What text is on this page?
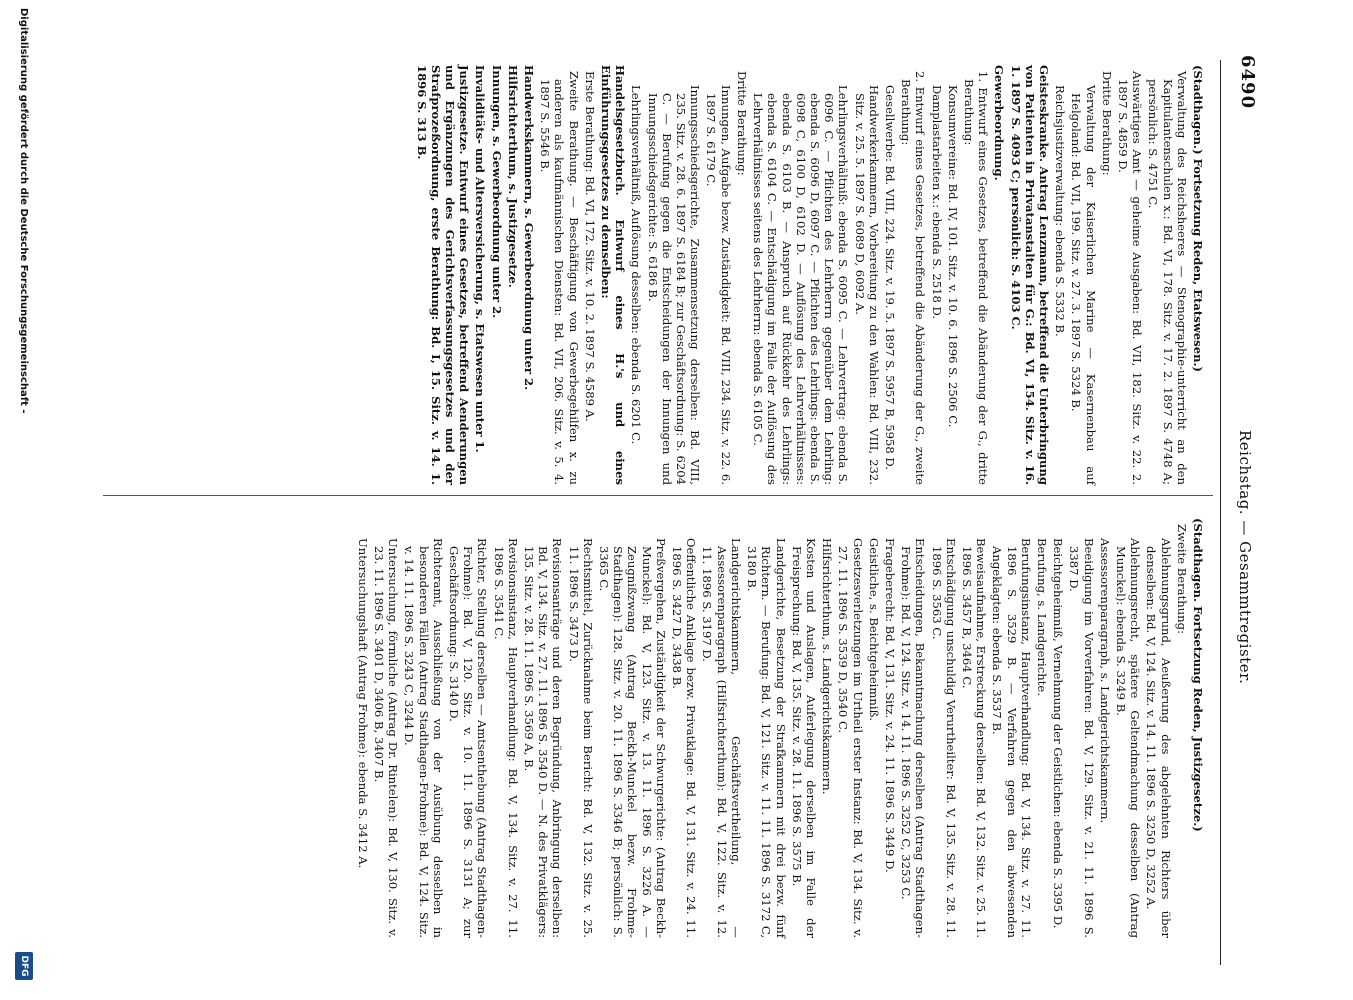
6490
Reichstag. — Gesammtregister.

(Stadthagen.) Fortsetzung Reden, Etatswesen.)

Verwaltung des Reichsheeres — Stenographie-unterricht an den Kapitulantenschulen x.: Bd. VI, 178. Sitz. v. 17. 2. 1897 S. 4748 A; persönlich: S. 4751 C.

Auswärtiges Amt — geheime Ausgaben: Bd. VII, 182. Sitz. v. 22. 2. 1897 S. 4859 D.

Dritte Berathung:

Verwaltung der Kaiserlichen Marine — Kasernenbau auf Helgoland: Bd. VII, 199. Sitz. v. 27. 3. 1897 S. 5324 B.

Reichsjustizverwaltung: ebenda S. 5332 B.

Geisteskranke. Antrag Lenzmann, betreffend die Unterbringung von Patienten in Privatanstalten für G.: Bd. VI, 154. Sitz. v. 16. 1. 1897 S. 4093 C; persönlich: S. 4103 C.

Gewerbeordnung.

1. Entwurf eines Gesetzes, betreffend die Abänderung der G., dritte Berathung:

Konsumvereine: Bd. IV, 101. Sitz. v. 10. 6. 1896 S. 2506 C.

Damplastarbeiten x.: ebenda S. 2518 D.

2. Entwurf eines Gesetzes, betreffend die Abänderung der G., zweite Berathung:

Gesellwerbe: Bd. VIII, 224. Sitz. v. 19. 5. 1897 S. 5957 B, 5958 D.

Handwerkerkammern, Vorbereitung zu den Wahlen: Bd. VIII, 232. Sitz. v. 25. 5. 1897 S. 6089 D, 6092 A.

Lehrlingsverhältniß: ebenda S. 6095 C. — Lehrvertrag: ebenda S. 6096 C. — Pflichten des Lehrherrn gegenüber dem Lehrling: ebenda S. 6096 D, 6097 C. — Pflichten des Lehrlings: ebenda S. 6098 C, 6100 D, 6102 D. — Auflösung des Lehrverhältnisses: ebenda S. 6103 B. — Anspruch auf Rückkehr des Lehrlings: ebenda S. 6104 C. — Entschädigung im Falle der Auflösung des Lehrverhältnisses seitens des Lehrherrn: ebenda S. 6105 C.

Dritte Berathung:

Innungen, Aufgabe bezw. Zuständigkeit: Bd. VIII, 234. Sitz. v. 22. 6. 1897 S. 6179 C.

Innungsschiedsgerichte, Zusammensetzung derselben: Bd. VIII, 235. Sitz. v. 28. 6. 1897 S. 6184 B; zur Geschäftsordnung: S. 6204 C. — Berufung gegen die Entscheidungen der Innungen und Innungsschiedsgerichte: S. 6186 B.

Lehrlingsverhältniß, Auflösung desselben: ebenda S. 6201 C.

Handelsgesetzbuch. Entwurf eines H.'s und eines Einführungsgesetzes zu demselben:

Erste Berathung: Bd. VI, 172. Sitz. v. 10. 2. 1897 S. 4589 A.

Zweite Berathung. — Beschäftigung von Gewerbegehilfen x. zu anderen als kaufmännischen Diensten: Bd. VII, 206. Sitz. v. 5. 4. 1897 S. 5546 B.

Handwerkskammern, s. Gewerbeordnung unter 2.

Hilfsrichterthum, s. Justizgesetze.

Innungen, s. Gewerbeordnung unter 2.

Invaliditäts- und Altersversicherung, s. Etatswesen unter 1.

Justizgesetze. Entwurf eines Gesetzes, betreffend Aenderungen und Ergänzungen des Gerichtsverfassungsgesetzes und der Strafprozeßordnung, erste Berathung: Bd. I, 15. Sitz. v. 14. 1. 1896 S. 313 B.

(Stadthagen. Fortsetzung Reden, Justizgesetze.)

Zweite Berathung:

Ablehnungsgrund, Aeußerung des abgelehnten Richters über denselben: Bd. V, 124. Sitz. v. 14. 11. 1896 S. 3250 D, 3252 A.

Ablehnungsrecht, spätere Geltendmachung desselben (Antrag Munckel): ebenda S. 3249 B.

Assessorenparagraph, s. Landgerichtskammern.

Beeidigung im Vorverfahren: Bd. V, 129. Sitz. v. 21. 11. 1896 S. 3387 D.

Beichtgeheimniß, Vernehmung der Geistlichen: ebenda S. 3395 D.

Berufung, s. Landgerichte.

Berufungsinstanz, Hauptverhandlung: Bd. V, 134. Sitz. v. 27. 11. 1896 S. 3529 B. — Verfahren gegen den abwesenden Angeklagten: ebenda S. 3537 B.

Beweisaufnahme, Erstreckung derselben: Bd. V, 132. Sitz. v. 25. 11. 1896 S. 3457 B, 3464 C.

Entschädigung unschuldig Verurtheilter: Bd. V, 135. Sitz. v. 28. 11. 1896 S. 3563 C.

Entscheidungen, Bekanntmachung derselben (Antrag Stadthagen-Frohme): Bd. V, 124. Sitz. v. 14. 11. 1896 S. 3252 C, 3253 C.

Frageberecht: Bd. V, 131. Sitz. v. 24. 11. 1896 S. 3449 D.

Geistliche, s. Beichtgeheimniß.

Gesetzesverletzungen im Urtheil erster Instanz: Bd. V, 134. Sitz. v. 27. 11. 1896 S. 3539 D, 3540 C.

Hilfsrichterthum, s. Landgerichtskammern.

Kosten und Auslagen, Auferlegung derselben im Falle der Freisprechung: Bd. V, 135. Sitz. v. 28. 11. 1896 S. 3575 B.

Landgerichte, Besetzung der Strafkammern mit drei bezw. fünf Richtern. — Berufung: Bd. V, 121. Sitz. v. 11. 11. 1896 S. 3172 C, 3180 B.

Landgerichtskammern, Geschäftsvertheilung, — Assessorenparagraph (Hilfsrichterthum): Bd. V, 122. Sitz. v. 12. 11. 1896 S. 3197 D.

Oeffentliche Anklage bezw. Privatklage: Bd. V, 131. Sitz. v. 24. 11. 1896 S. 3427 D, 3438 B.

Preßvergehen, Zuständigkeit der Schwurgerichte: (Antrag Beckh-Munckel): Bd. V, 123. Sitz. v. 13. 11. 1896 S. 3226 A. — Zeugnißzwang (Antrag Beckh-Munckel bezw. Frohme-Stadthagen): 128. Sitz. v. 20. 11. 1896 S. 3346 B; persönlich: S. 3365 C.

Rechtsmittel, Zurücknahme beim Bericht: Bd. V, 132. Sitz. v. 25. 11. 1896 S. 3473 D.

Revisionsanträge und deren Begründung, Anbringung derselben: Bd. V, 134. Sitz. v. 27. 11. 1896 S. 3540 D. — N. des Privatklägers: 135. Sitz. v. 28. 11. 1896 S. 3569 A, B.

Revisionsinstanz, Hauptverhandlung: Bd. V, 134. Sitz. v. 27. 11. 1896 S. 3541 C.

Richter, Stellung derselben — Amtsenthebung (Antrag Stadthagen-Frohme): Bd. V, 120. Sitz. v. 10. 11. 1896 S. 3131 A; zur Geschäftsordnung: S. 3140 D.

Richteramt, Ausschließung von der Ausübung desselben in besonderen Fällen (Antrag Stadthagen-Frohme): Bd. V, 124. Sitz. v. 14. 11. 1896 S. 3243 C, 3244 D.

Untersuchung, förmliche (Antrag Dr. Rintelen): Bd. V, 130. Sitz. v. 23. 11. 1896 S. 3401 D, 3406 B, 3407 B.

Untersuchungshaft (Antrag Frohme): ebenda S. 3412 A.

Digitalisierung gefördert durch die Deutsche Forschungsgemeinschaft -
DFG
